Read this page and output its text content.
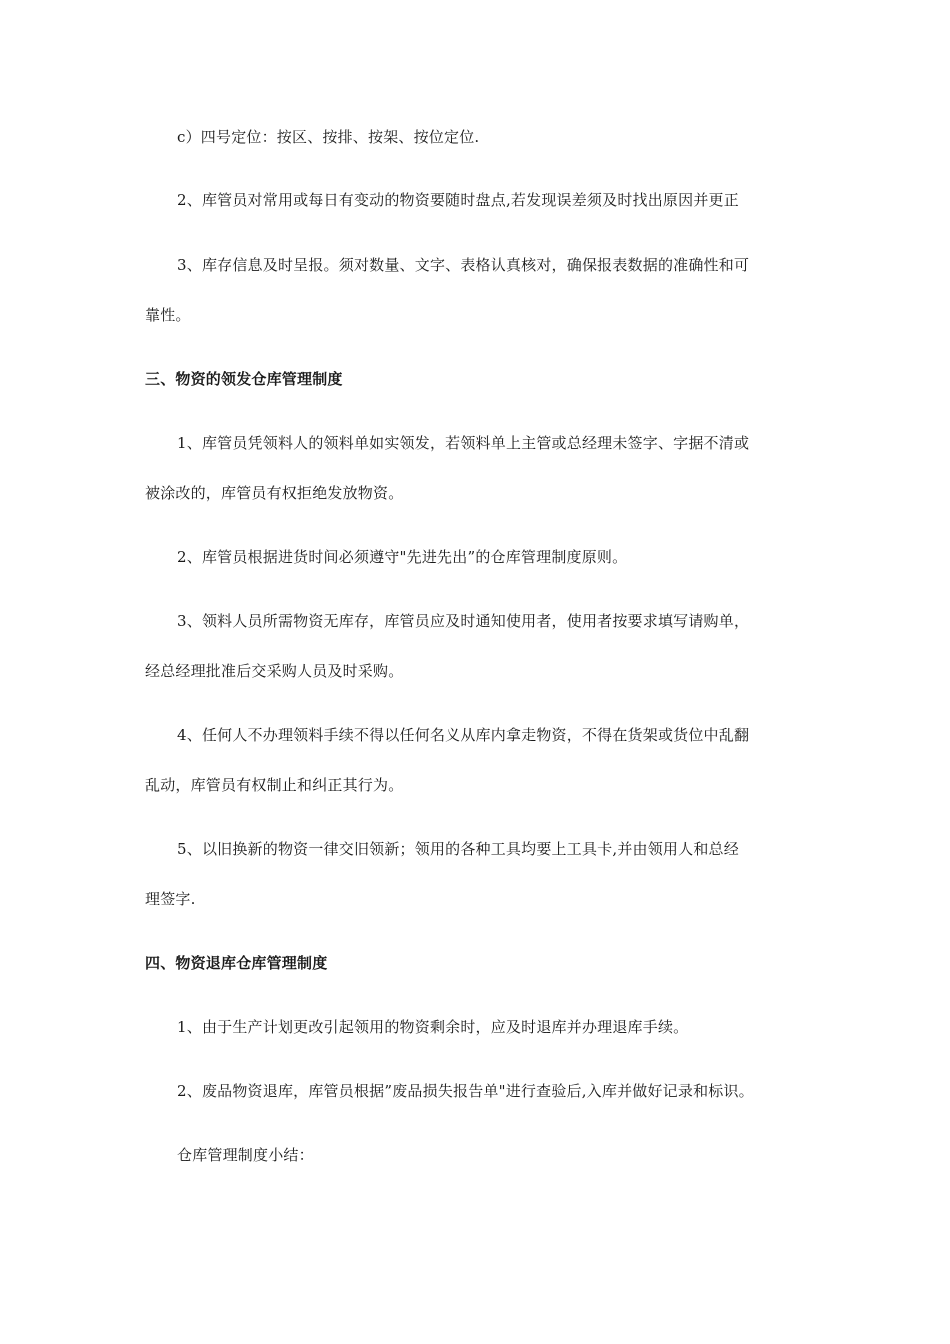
c）四号定位：按区、按排、按架、按位定位.
2、库管员对常用或每日有变动的物资要随时盘点,若发现误差须及时找出原因并更正
3、库存信息及时呈报。须对数量、文字、表格认真核对，确保报表数据的准确性和可
靠性。
三、物资的领发仓库管理制度
1、库管员凭领料人的领料单如实领发，若领料单上主管或总经理未签字、字据不清或
被涂改的，库管员有权拒绝发放物资。
2、库管员根据进货时间必须遵守"先进先出”的仓库管理制度原则。
3、领料人员所需物资无库存，库管员应及时通知使用者，使用者按要求填写请购单，
经总经理批准后交采购人员及时采购。
4、任何人不办理领料手续不得以任何名义从库内拿走物资，不得在货架或货位中乱翻
乱动，库管员有权制止和纠正其行为。
5、以旧换新的物资一律交旧领新；领用的各种工具均要上工具卡,并由领用人和总经
理签字.
四、物资退库仓库管理制度
1、由于生产计划更改引起领用的物资剩余时，应及时退库并办理退库手续。
2、废品物资退库，库管员根据”废品损失报告单"进行查验后,入库并做好记录和标识。
仓库管理制度小结：
